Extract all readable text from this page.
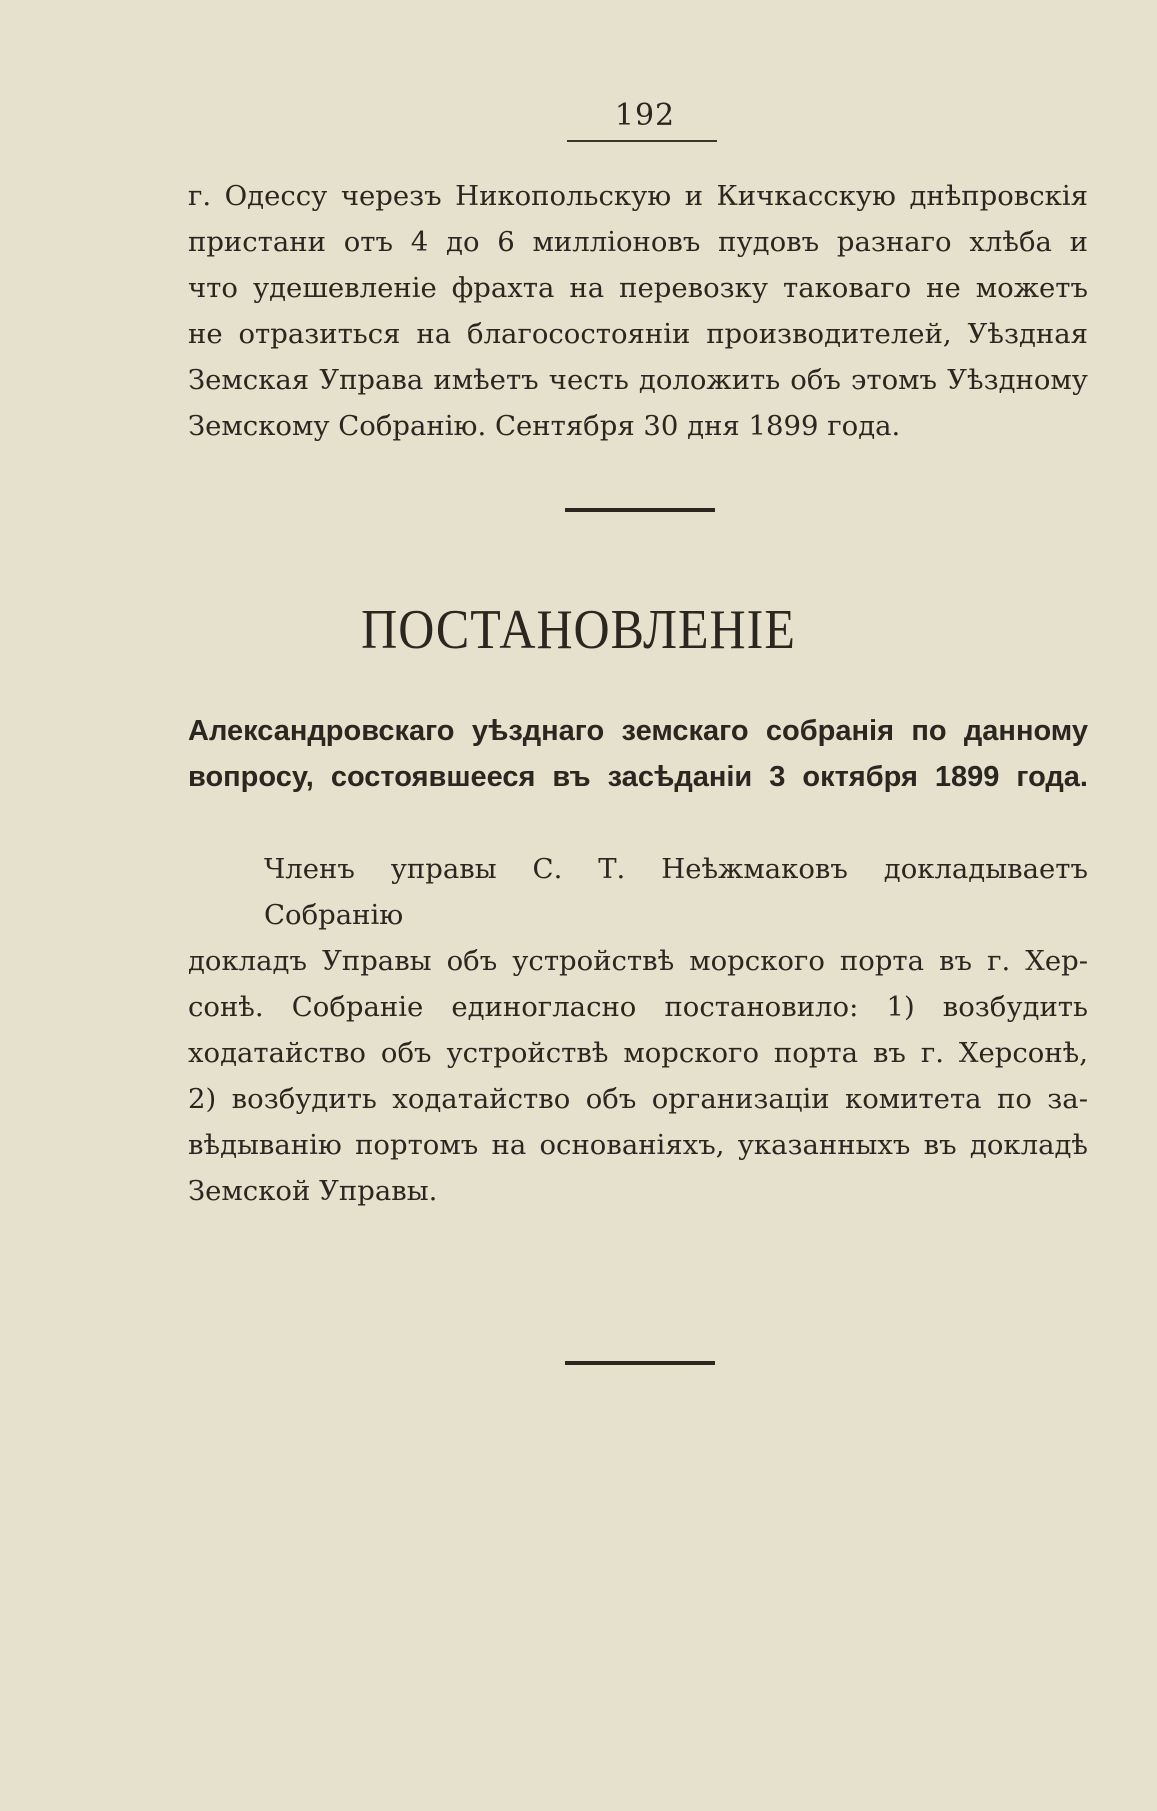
192
г. Одессу черезъ Никопольскую и Кичкасскую днѣпровскія
пристани отъ 4 до 6 милліоновъ пудовъ разнаго хлѣба и
что удешевленіе фрахта на перевозку таковаго не можетъ
не отразиться на благосостояніи производителей, Уѣздная
Земская Управа имѣетъ честь доложить объ этомъ Уѣздному
Земскому Собранію. Сентября 30 дня 1899 года.
ПОСТАНОВЛЕНІЕ
Александровскаго уѣзднаго земскаго собранія по данному
вопросу, состоявшееся въ засѣданіи 3 октября 1899 года.
Членъ управы С. Т. Неѣжмаковъ докладываетъ Собранію
докладъ Управы объ устройствѣ морского порта въ г. Хер-
сонѣ. Собраніе единогласно постановило: 1) возбудить
ходатайство объ устройствѣ морского порта въ г. Херсонѣ,
2) возбудить ходатайство объ организаціи комитета по за-
вѣдыванію портомъ на основаніяхъ, указанныхъ въ докладѣ
Земской Управы.
